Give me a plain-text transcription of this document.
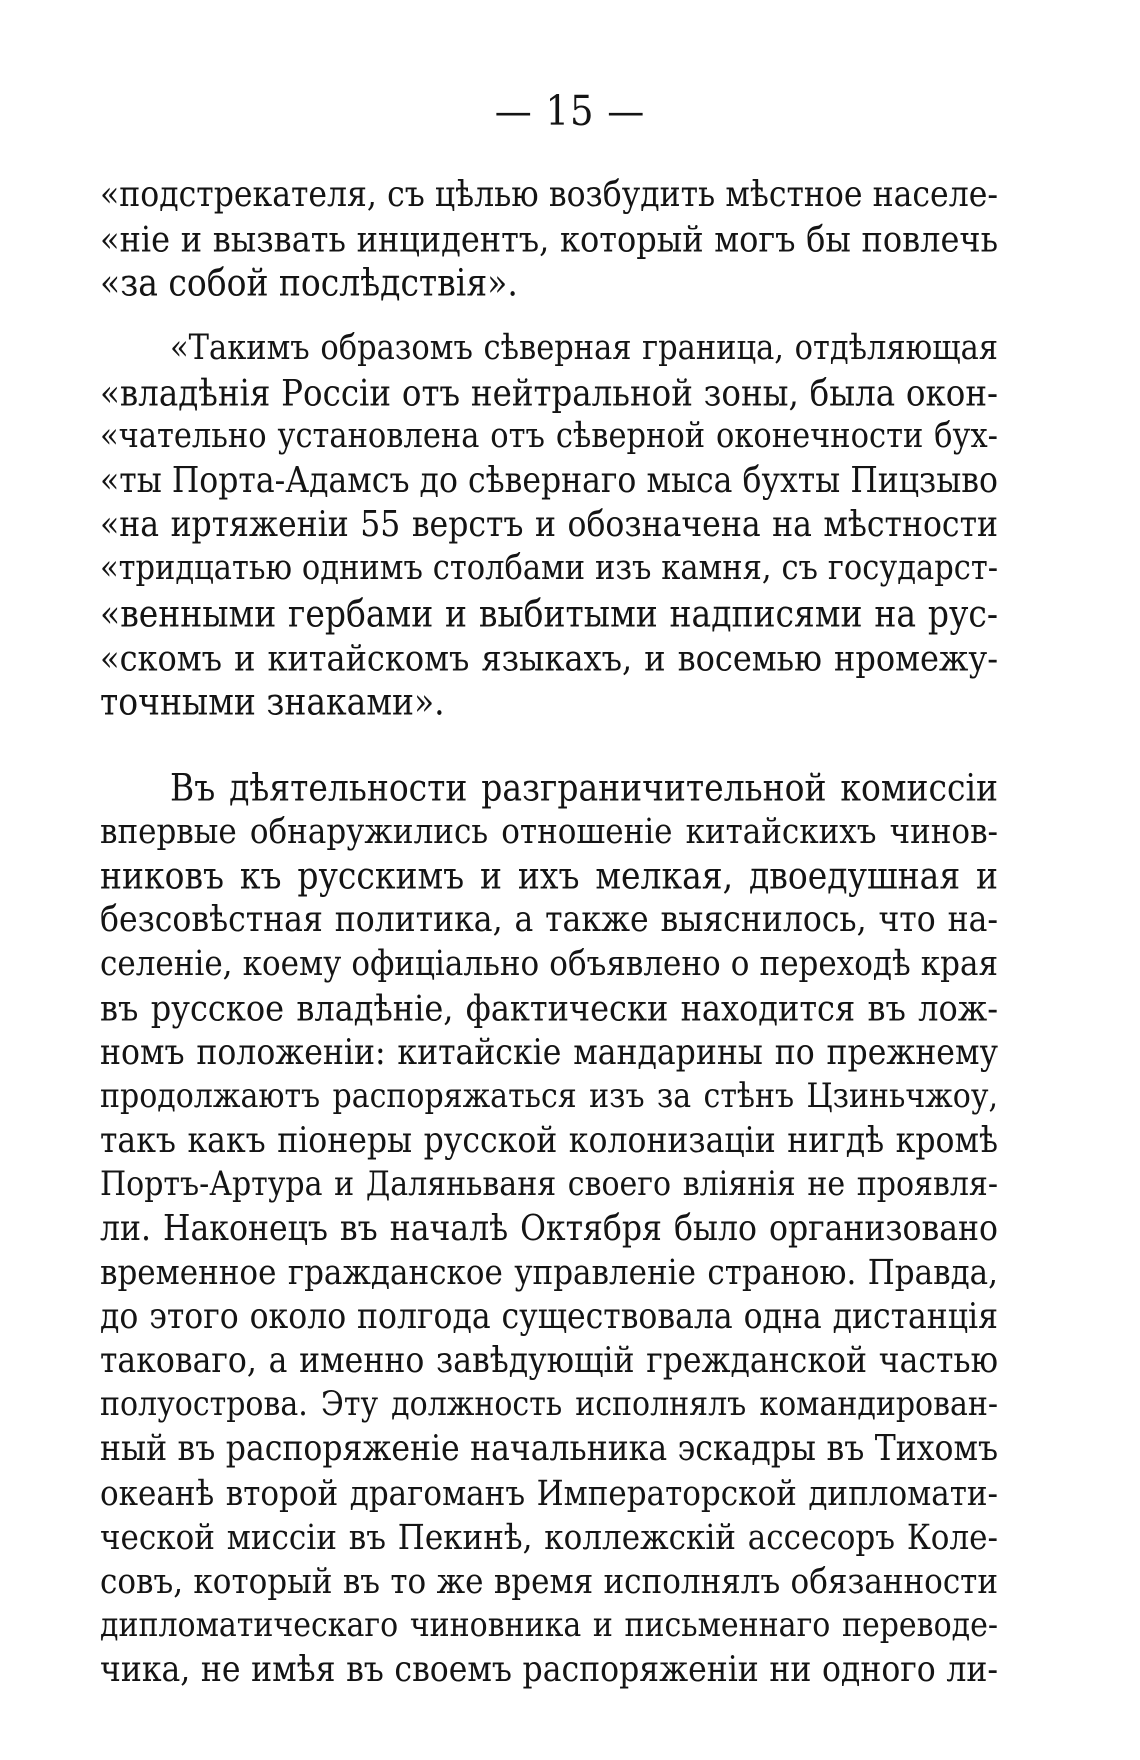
— 15 —
«подстрекателя, съ цѣлью возбудить мѣстное населе-
«ніе и вызвать инцидентъ, который могъ бы повлечь
«за собой послѣдствія».
«Такимъ образомъ сѣверная граница, отдѣляющая
«владѣнія Россіи отъ нейтральной зоны, была окон-
«чательно установлена отъ сѣверной оконечности бух-
«ты Порта-Адамсъ до сѣвернаго мыса бухты Пицзыво
«на иртяженіи 55 верстъ и обозначена на мѣстности
«тридцатью однимъ столбами изъ камня, съ государст-
«венными гербами и выбитыми надписями на рус-
«скомъ и китайскомъ языкахъ, и восемью нромежу-
точными знаками».
Въ дѣятельности разграничительной комиссіи
впервые обнаружились отношеніе китайскихъ чинов-
никовъ къ русскимъ и ихъ мелкая, двоедушная и
безсовѣстная политика, а также выяснилось, что на-
селеніе, коему офиціально объявлено о переходѣ края
въ русское владѣніе, фактически находится въ лож-
номъ положеніи: китайскіе мандарины по прежнему
продолжаютъ распоряжаться изъ за стѣнъ Цзиньчжоу,
такъ какъ піонеры русской колонизаціи нигдѣ кромѣ
Портъ-Артура и Даляньваня своего вліянія не проявля-
ли. Наконецъ въ началѣ Октября было организовано
временное гражданское управленіе страною. Правда,
до этого около полгода существовала одна дистанція
таковаго, а именно завѣдующій грежданской частью
полуострова. Эту должность исполнялъ командирован-
ный въ распоряженіе начальника эскадры въ Тихомъ
океанѣ второй драгоманъ Императорской дипломати-
ческой миссіи въ Пекинѣ, коллежскій ассесоръ Коле-
совъ, который въ то же время исполнялъ обязанности
дипломатическаго чиновника и письменнаго переводе-
чика, не имѣя въ своемъ распоряженіи ни одного ли-
